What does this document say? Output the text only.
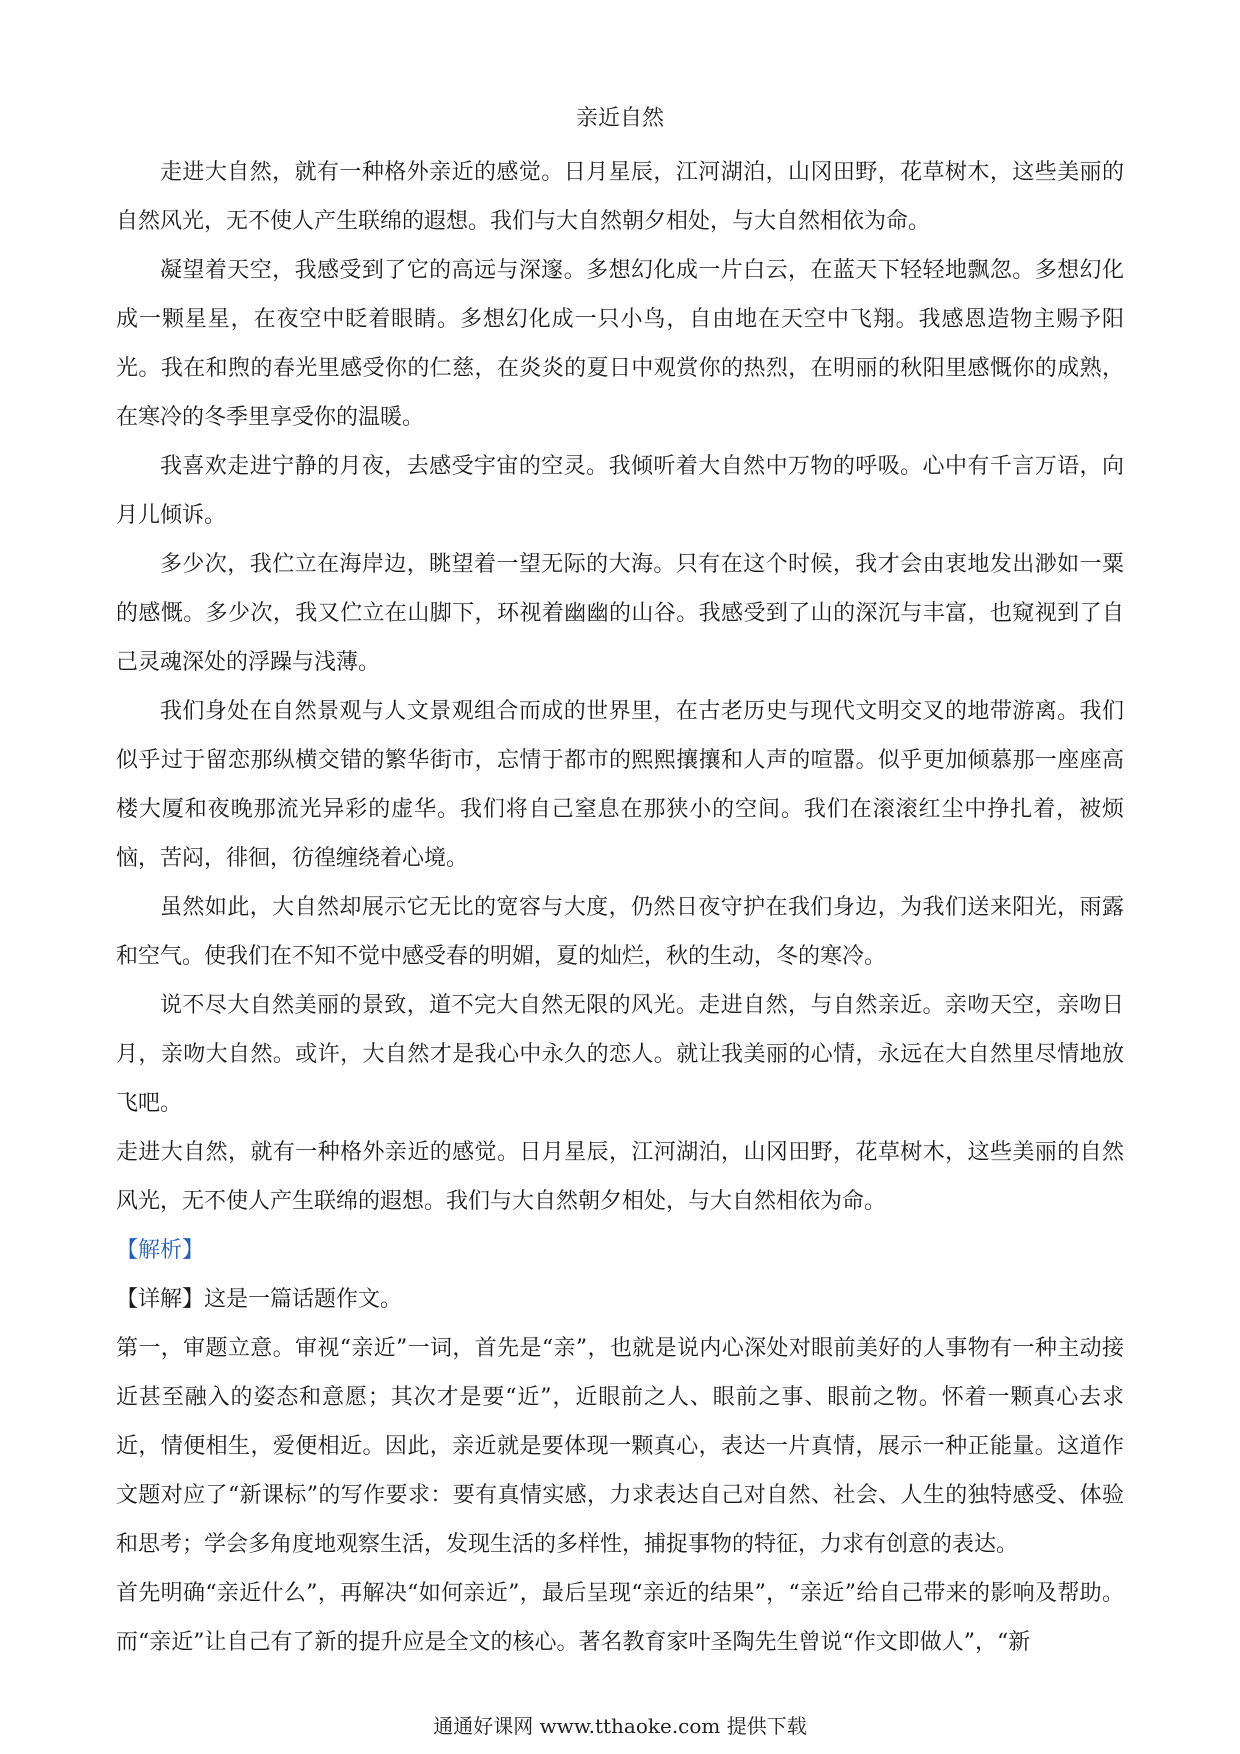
亲近自然

走进大自然，就有一种格外亲近的感觉。日月星辰，江河湖泊，山冈田野，花草树木，这些美丽的自然风光，无不使人产生联绵的遐想。我们与大自然朝夕相处，与大自然相依为命。

凝望着天空，我感受到了它的高远与深邃。多想幻化成一片白云，在蓝天下轻轻地飘忽。多想幻化成一颗星星，在夜空中眨着眼睛。多想幻化成一只小鸟，自由地在天空中飞翔。我感恩造物主赐予阳光。我在和煦的春光里感受你的仁慈，在炎炎的夏日中观赏你的热烈，在明丽的秋阳里感慨你的成熟，在寒冷的冬季里享受你的温暖。

我喜欢走进宁静的月夜，去感受宇宙的空灵。我倾听着大自然中万物的呼吸。心中有千言万语，向月儿倾诉。

多少次，我伫立在海岸边，眺望着一望无际的大海。只有在这个时候，我才会由衷地发出渺如一粟的感慨。多少次，我又伫立在山脚下，环视着幽幽的山谷。我感受到了山的深沉与丰富，也窥视到了自己灵魂深处的浮躁与浅薄。

我们身处在自然景观与人文景观组合而成的世界里，在古老历史与现代文明交叉的地带游离。我们似乎过于留恋那纵横交错的繁华街市，忘情于都市的熙熙攘攘和人声的喧嚣。似乎更加倾慕那一座座高楼大厦和夜晚那流光异彩的虚华。我们将自己窒息在那狭小的空间。我们在滚滚红尘中挣扎着，被烦恼，苦闷，徘徊，彷徨缠绕着心境。

虽然如此，大自然却展示它无比的宽容与大度，仍然日夜守护在我们身边，为我们送来阳光，雨露和空气。使我们在不知不觉中感受春的明媚，夏的灿烂，秋的生动，冬的寒冷。

说不尽大自然美丽的景致，道不完大自然无限的风光。走进自然，与自然亲近。亲吻天空，亲吻日月，亲吻大自然。或许，大自然才是我心中永久的恋人。就让我美丽的心情，永远在大自然里尽情地放飞吧。

走进大自然，就有一种格外亲近的感觉。日月星辰，江河湖泊，山冈田野，花草树木，这些美丽的自然风光，无不使人产生联绵的遐想。我们与大自然朝夕相处，与大自然相依为命。

【解析】

【详解】这是一篇话题作文。

第一，审题立意。审视“亲近”一词，首先是“亲”，也就是说内心深处对眼前美好的人事物有一种主动接近甚至融入的姿态和意愿；其次才是要“近”，近眼前之人、眼前之事、眼前之物。怀着一颗真心去求近，情便相生，爱便相近。因此，亲近就是要体现一颗真心，表达一片真情，展示一种正能量。这道作文题对应了“新课标”的写作要求：要有真情实感，力求表达自己对自然、社会、人生的独特感受、体验和思考；学会多角度地观察生活，发现生活的多样性，捕捉事物的特征，力求有创意的表达。

首先明确“亲近什么”，再解决“如何亲近”，最后呈现“亲近的结果”，“亲近”给自己带来的影响及帮助。而“亲近”让自己有了新的提升应是全文的核心。著名教育家叶圣陶先生曾说“作文即做人”，“新

通通好课网 www.tthaoke.com 提供下载
